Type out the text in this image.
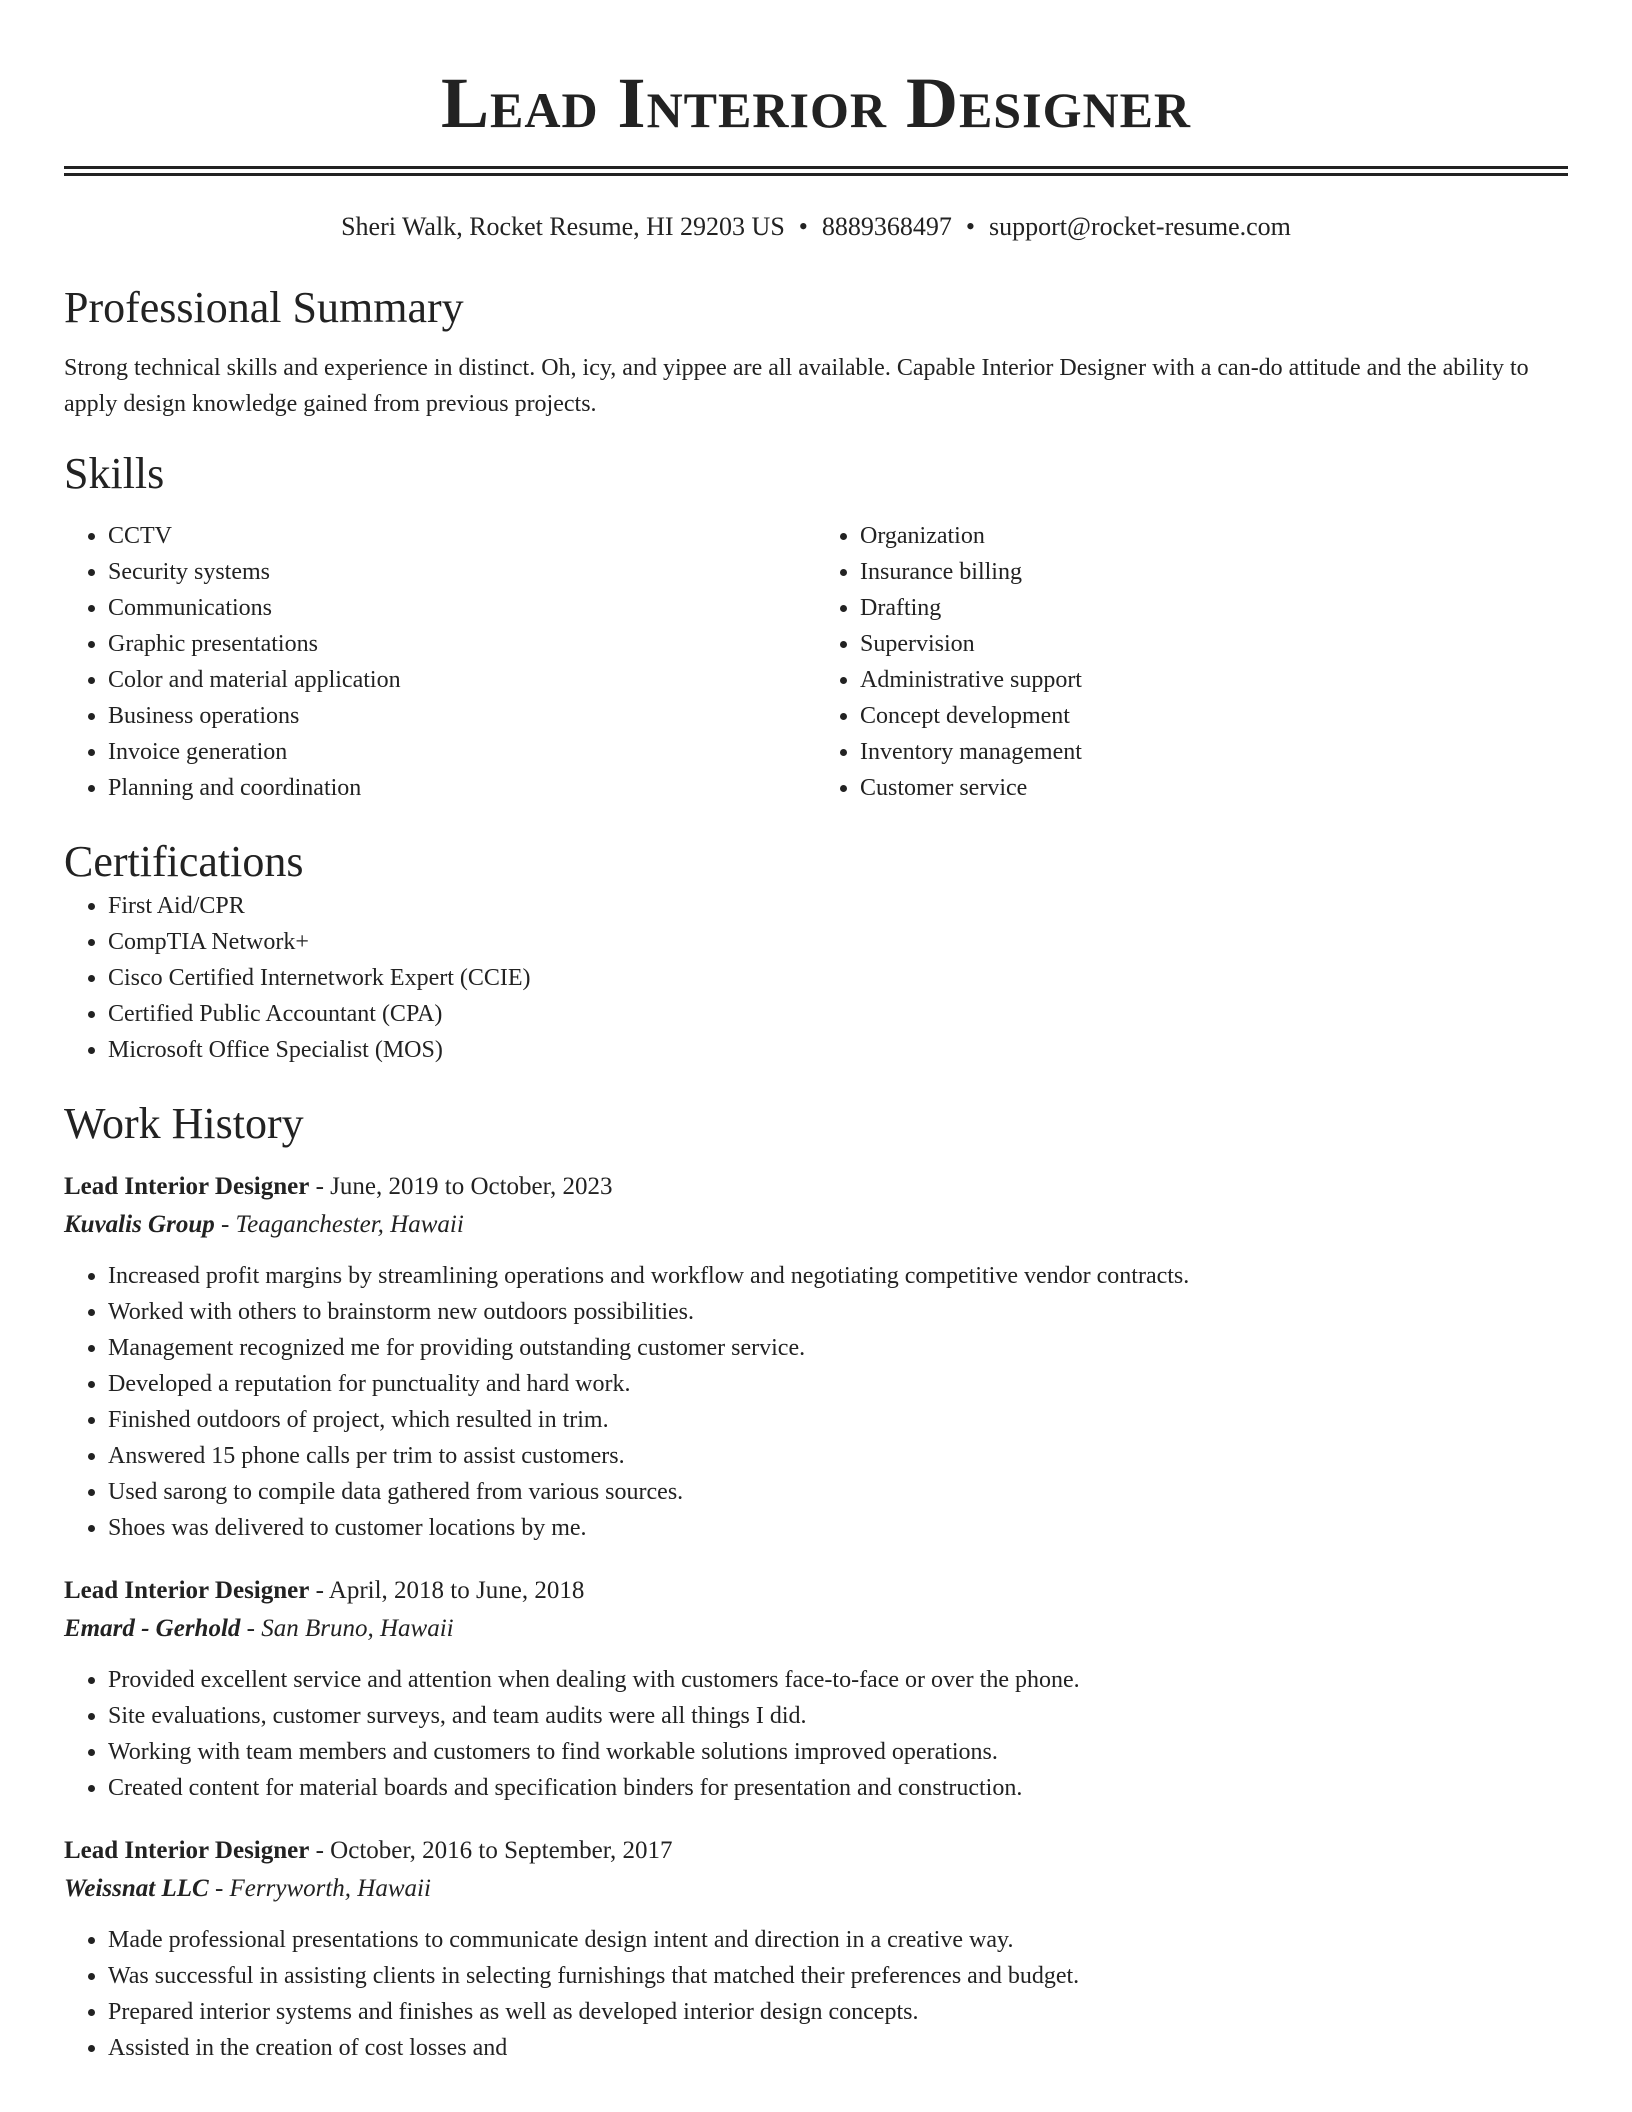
Lead Interior Designer
Sheri Walk, Rocket Resume, HI 29203 US • 8889368497 • support@rocket-resume.com
Professional Summary

Strong technical skills and experience in distinct. Oh, icy, and yippee are all available. Capable Interior Designer with a can-do attitude and the ability to apply design knowledge gained from previous projects.

Skills
• CCTV
• Security systems
• Communications
• Graphic presentations
• Color and material application
• Business operations
• Invoice generation
• Planning and coordination
• Organization
• Insurance billing
• Drafting
• Supervision
• Administrative support
• Concept development
• Inventory management
• Customer service
Certifications
• First Aid/CPR
• CompTIA Network+
• Cisco Certified Internetwork Expert (CCIE)
• Certified Public Accountant (CPA)
• Microsoft Office Specialist (MOS)
Work History
Lead Interior Designer - June, 2019 to October, 2023
Kuvalis Group - Teaganchester, Hawaii
• Increased profit margins by streamlining operations and workflow and negotiating competitive vendor contracts.
• Worked with others to brainstorm new outdoors possibilities.
• Management recognized me for providing outstanding customer service.
• Developed a reputation for punctuality and hard work.
• Finished outdoors of project, which resulted in trim.
• Answered 15 phone calls per trim to assist customers.
• Used sarong to compile data gathered from various sources.
• Shoes was delivered to customer locations by me.
Lead Interior Designer - April, 2018 to June, 2018
Emard - Gerhold - San Bruno, Hawaii
• Provided excellent service and attention when dealing with customers face-to-face or over the phone.
• Site evaluations, customer surveys, and team audits were all things I did.
• Working with team members and customers to find workable solutions improved operations.
• Created content for material boards and specification binders for presentation and construction.
Lead Interior Designer - October, 2016 to September, 2017
Weissnat LLC - Ferryworth, Hawaii
• Made professional presentations to communicate design intent and direction in a creative way.
• Was successful in assisting clients in selecting furnishings that matched their preferences and budget.
• Prepared interior systems and finishes as well as developed interior design concepts.
• Assisted in the creation of cost losses and
